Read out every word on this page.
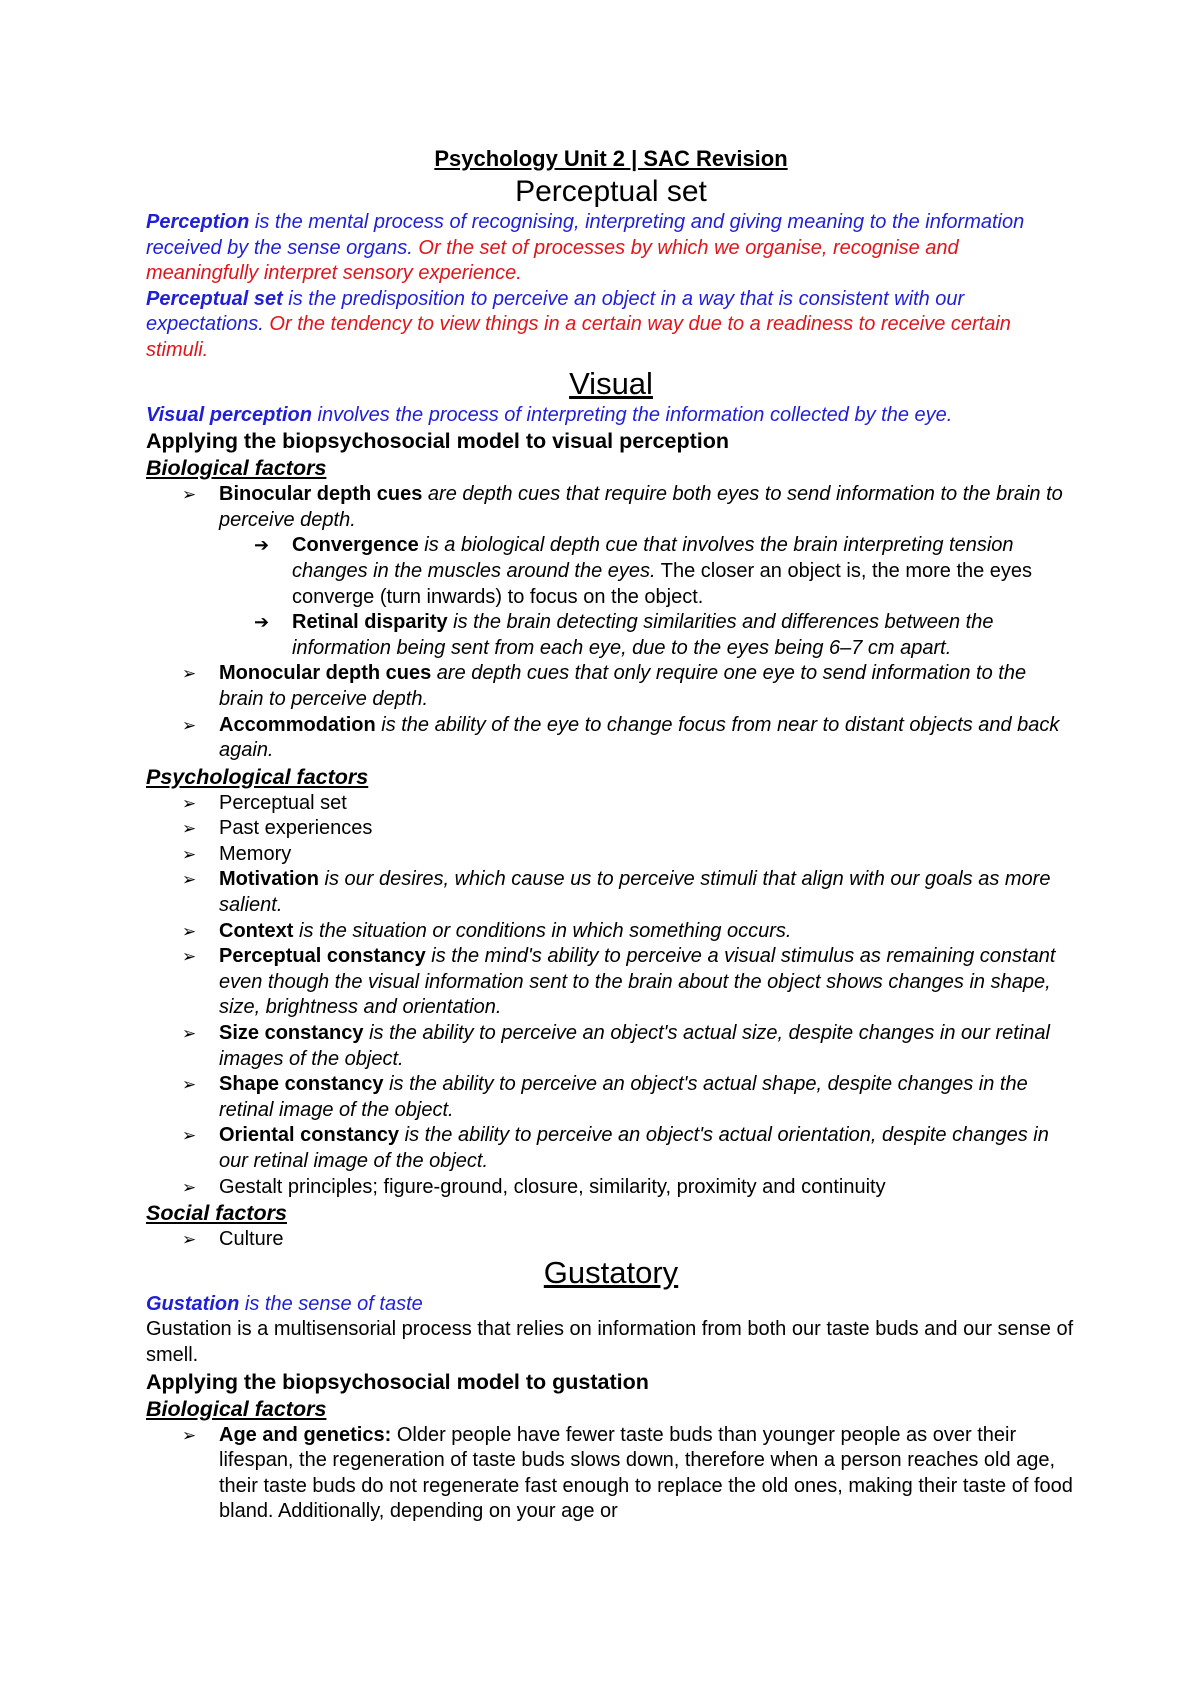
Psychology Unit 2 | SAC Revision
Perceptual set

Perception is the mental process of recognising, interpreting and giving meaning to the information received by the sense organs. Or the set of processes by which we organise, recognise and meaningfully interpret sensory experience.

Perceptual set is the predisposition to perceive an object in a way that is consistent with our expectations. Or the tendency to view things in a certain way due to a readiness to receive certain stimuli.

Visual

Visual perception involves the process of interpreting the information collected by the eye.

Applying the biopsychosocial model to visual perception
Biological factors
➢ Binocular depth cues are depth cues that require both eyes to send information to the brain to perceive depth.
➔ Convergence is a biological depth cue that involves the brain interpreting tension changes in the muscles around the eyes. The closer an object is, the more the eyes converge (turn inwards) to focus on the object.
➔ Retinal disparity is the brain detecting similarities and differences between the information being sent from each eye, due to the eyes being 6–7 cm apart.
➢ Monocular depth cues are depth cues that only require one eye to send information to the brain to perceive depth.
➢ Accommodation is the ability of the eye to change focus from near to distant objects and back again.
Psychological factors
➢ Perceptual set
➢ Past experiences
➢ Memory
➢ Motivation is our desires, which cause us to perceive stimuli that align with our goals as more salient.
➢ Context is the situation or conditions in which something occurs.
➢ Perceptual constancy is the mind's ability to perceive a visual stimulus as remaining constant even though the visual information sent to the brain about the object shows changes in shape, size, brightness and orientation.
➢ Size constancy is the ability to perceive an object's actual size, despite changes in our retinal images of the object.
➢ Shape constancy is the ability to perceive an object's actual shape, despite changes in the retinal image of the object.
➢ Oriental constancy is the ability to perceive an object's actual orientation, despite changes in our retinal image of the object.
➢ Gestalt principles; figure-ground, closure, similarity, proximity and continuity
Social factors
➢ Culture
Gustatory

Gustation is the sense of taste

Gustation is a multisensorial process that relies on information from both our taste buds and our sense of smell.

Applying the biopsychosocial model to gustation
Biological factors
➢ Age and genetics: Older people have fewer taste buds than younger people as over their lifespan, the regeneration of taste buds slows down, therefore when a person reaches old age, their taste buds do not regenerate fast enough to replace the old ones, making their taste of food bland. Additionally, depending on your age or
